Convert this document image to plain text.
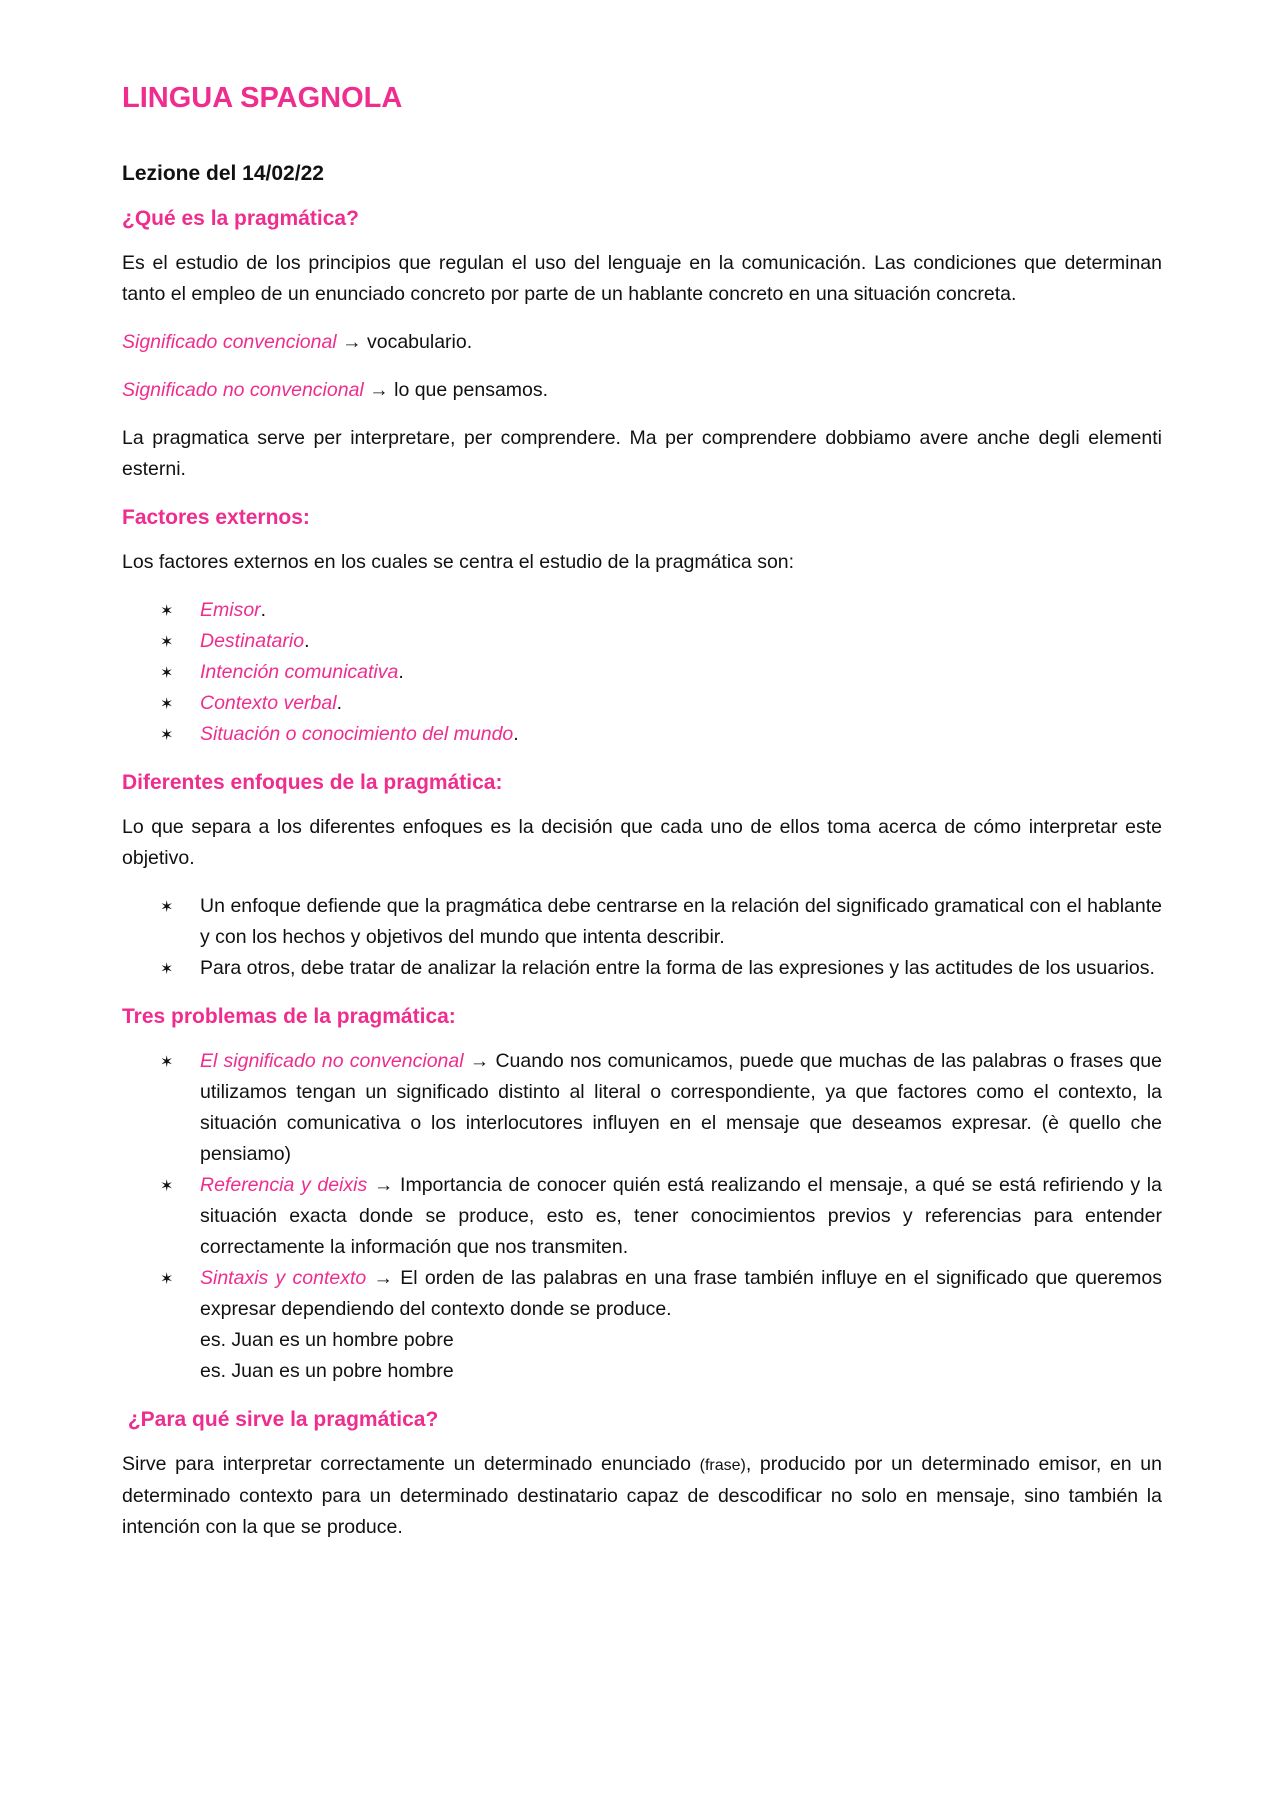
LINGUA SPAGNOLA
Lezione del 14/02/22
¿Qué es la pragmática?

Es el estudio de los principios que regulan el uso del lenguaje en la comunicación. Las condiciones que determinan tanto el empleo de un enunciado concreto por parte de un hablante concreto en una situación concreta.

Significado convencional → vocabulario.

Significado no convencional → lo que pensamos.

La pragmatica serve per interpretare, per comprendere. Ma per comprendere dobbiamo avere anche degli elementi esterni.

Factores externos:

Los factores externos en los cuales se centra el estudio de la pragmática son:

✶ Emisor.
✶ Destinatario.
✶ Intención comunicativa.
✶ Contexto verbal.
✶ Situación o conocimiento del mundo.
Diferentes enfoques de la pragmática:

Lo que separa a los diferentes enfoques es la decisión que cada uno de ellos toma acerca de cómo interpretar este objetivo.

✶ Un enfoque defiende que la pragmática debe centrarse en la relación del significado gramatical con el hablante y con los hechos y objetivos del mundo que intenta describir.
✶ Para otros, debe tratar de analizar la relación entre la forma de las expresiones y las actitudes de los usuarios.
Tres problemas de la pragmática:
✶ El significado no convencional → Cuando nos comunicamos, puede que muchas de las palabras o frases que utilizamos tengan un significado distinto al literal o correspondiente, ya que factores como el contexto, la situación comunicativa o los interlocutores influyen en el mensaje que deseamos expresar. (è quello che pensiamo)
✶ Referencia y deixis → Importancia de conocer quién está realizando el mensaje, a qué se está refiriendo y la situación exacta donde se produce, esto es, tener conocimientos previos y referencias para entender correctamente la información que nos transmiten.
✶ Sintaxis y contexto → El orden de las palabras en una frase también influye en el significado que queremos expresar dependiendo del contexto donde se produce.
es. Juan es un hombre pobre
es. Juan es un pobre hombre
¿Para qué sirve la pragmática?

Sirve para interpretar correctamente un determinado enunciado (frase), producido por un determinado emisor, en un determinado contexto para un determinado destinatario capaz de descodificar no solo en mensaje, sino también la intención con la que se produce.
